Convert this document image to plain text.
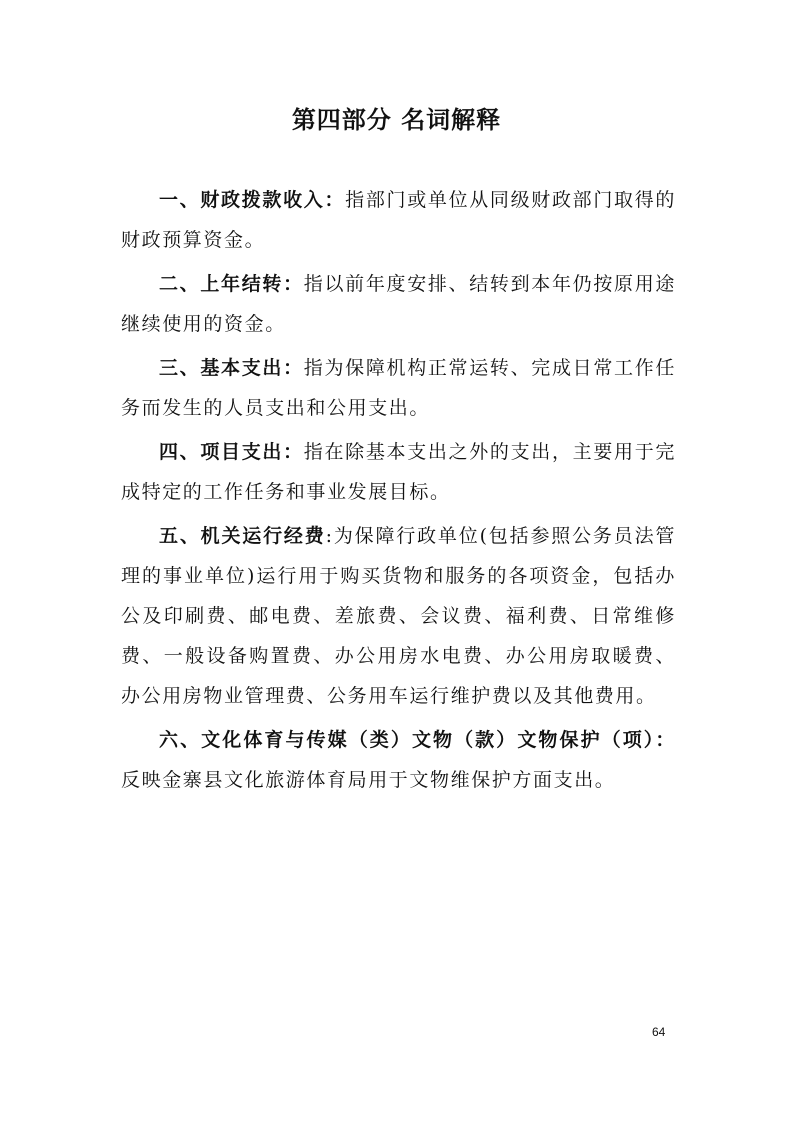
第四部分 名词解释

一、财政拨款收入：指部门或单位从同级财政部门取得的财政预算资金。

二、上年结转：指以前年度安排、结转到本年仍按原用途继续使用的资金。

三、基本支出：指为保障机构正常运转、完成日常工作任务而发生的人员支出和公用支出。

四、项目支出：指在除基本支出之外的支出，主要用于完成特定的工作任务和事业发展目标。

五、机关运行经费:为保障行政单位(包括参照公务员法管理的事业单位)运行用于购买货物和服务的各项资金，包括办公及印刷费、邮电费、差旅费、会议费、福利费、日常维修费、一般设备购置费、办公用房水电费、办公用房取暖费、办公用房物业管理费、公务用车运行维护费以及其他费用。

六、文化体育与传媒（类）文物（款）文物保护（项）：反映金寨县文化旅游体育局用于文物维保护方面支出。

64
